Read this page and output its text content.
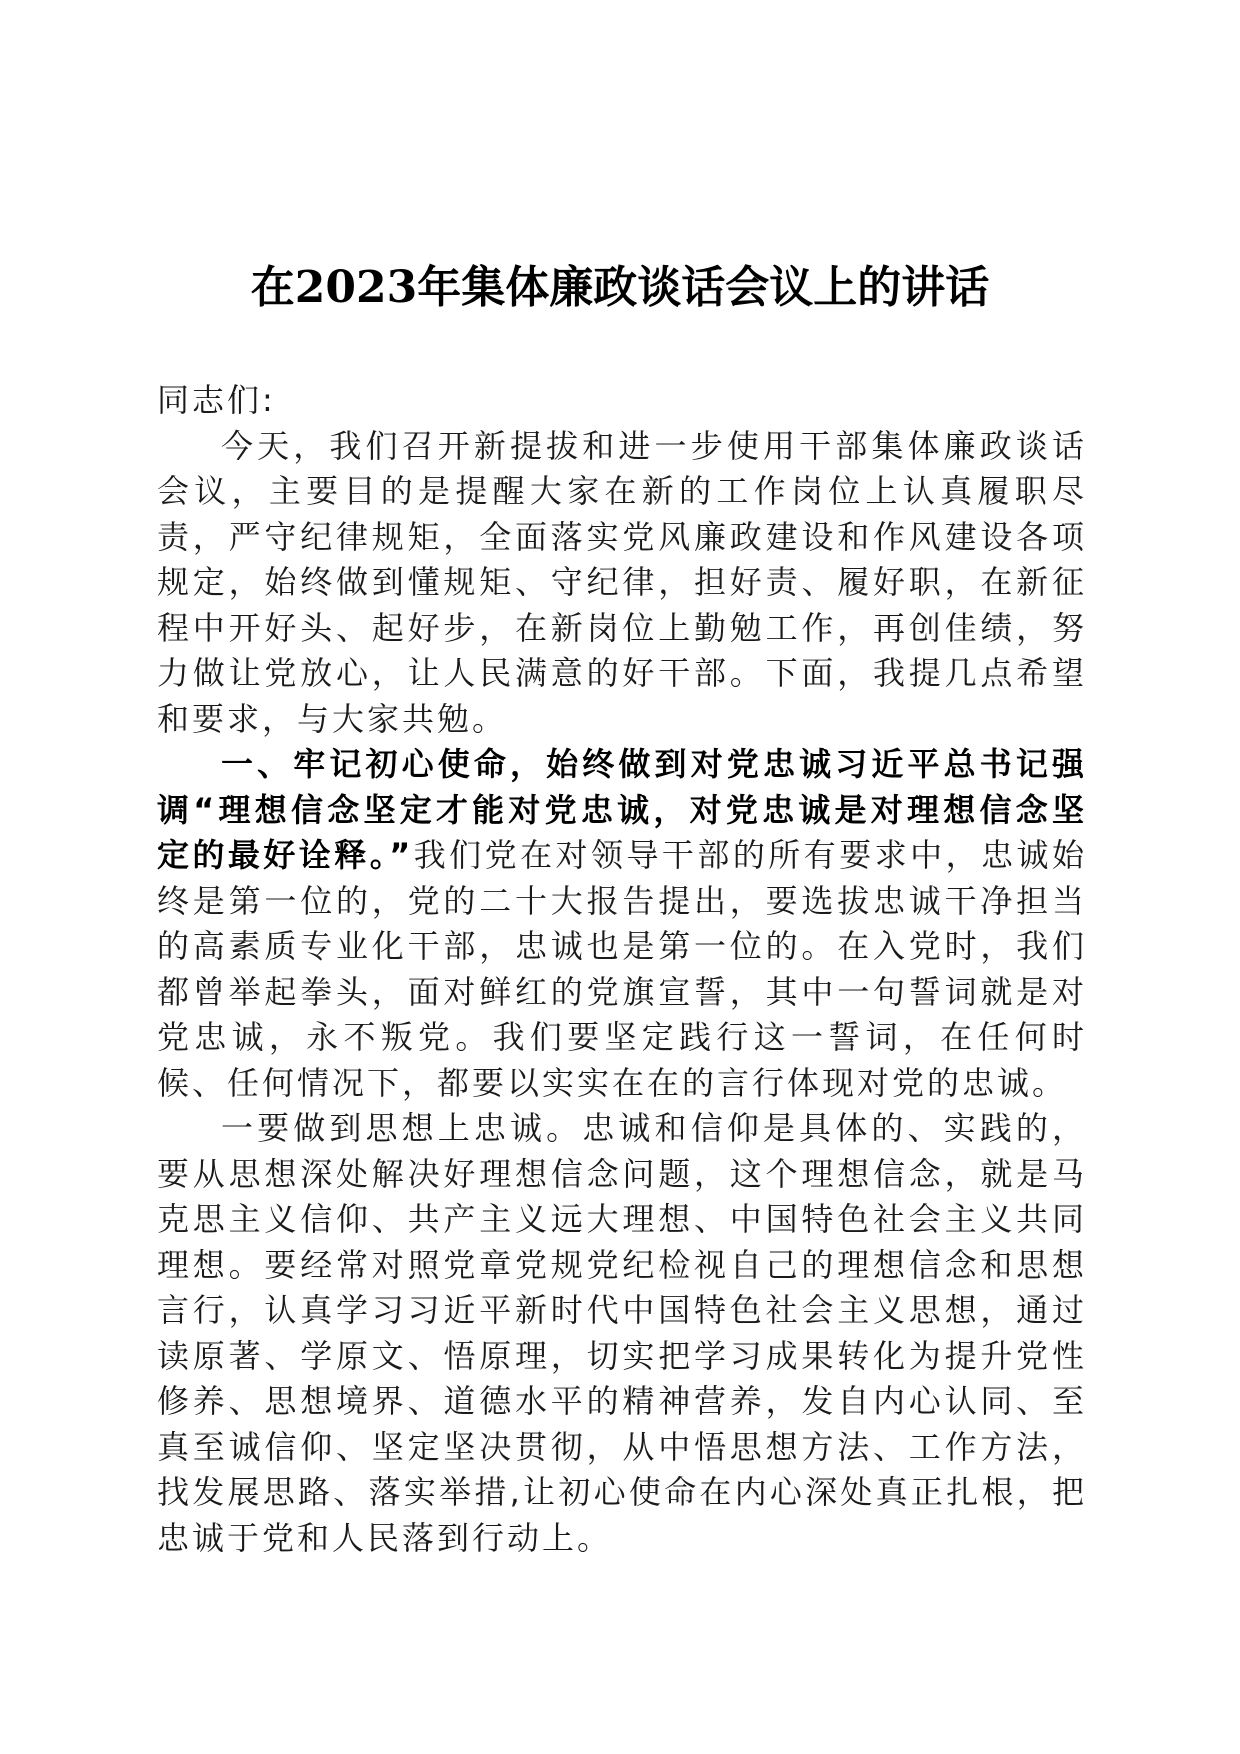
在2023年集体廉政谈话会议上的讲话

同志们:

今天，我们召开新提拔和进一步使用干部集体廉政谈话会议，主要目的是提醒大家在新的工作岗位上认真履职尽责，严守纪律规矩，全面落实党风廉政建设和作风建设各项规定，始终做到懂规矩、守纪律，担好责、履好职，在新征程中开好头、起好步，在新岗位上勤勉工作，再创佳绩，努力做让党放心，让人民满意的好干部。下面，我提几点希望和要求，与大家共勉。

一、牢记初心使命，始终做到对党忠诚习近平总书记强调“理想信念坚定才能对党忠诚，对党忠诚是对理想信念坚定的最好诠释。”我们党在对领导干部的所有要求中，忠诚始终是第一位的，党的二十大报告提出，要选拔忠诚干净担当的高素质专业化干部，忠诚也是第一位的。在入党时，我们都曾举起拳头，面对鲜红的党旗宣誓，其中一句誓词就是对党忠诚，永不叛党。我们要坚定践行这一誓词，在任何时候、任何情况下，都要以实实在在的言行体现对党的忠诚。

一要做到思想上忠诚。忠诚和信仰是具体的、实践的，要从思想深处解决好理想信念问题，这个理想信念，就是马克思主义信仰、共产主义远大理想、中国特色社会主义共同理想。要经常对照党章党规党纪检视自己的理想信念和思想言行，认真学习习近平新时代中国特色社会主义思想，通过读原著、学原文、悟原理，切实把学习成果转化为提升党性修养、思想境界、道德水平的精神营养，发自内心认同、至真至诚信仰、坚定坚决贯彻，从中悟思想方法、工作方法，找发展思路、落实举措,让初心使命在内心深处真正扎根，把忠诚于党和人民落到行动上。
